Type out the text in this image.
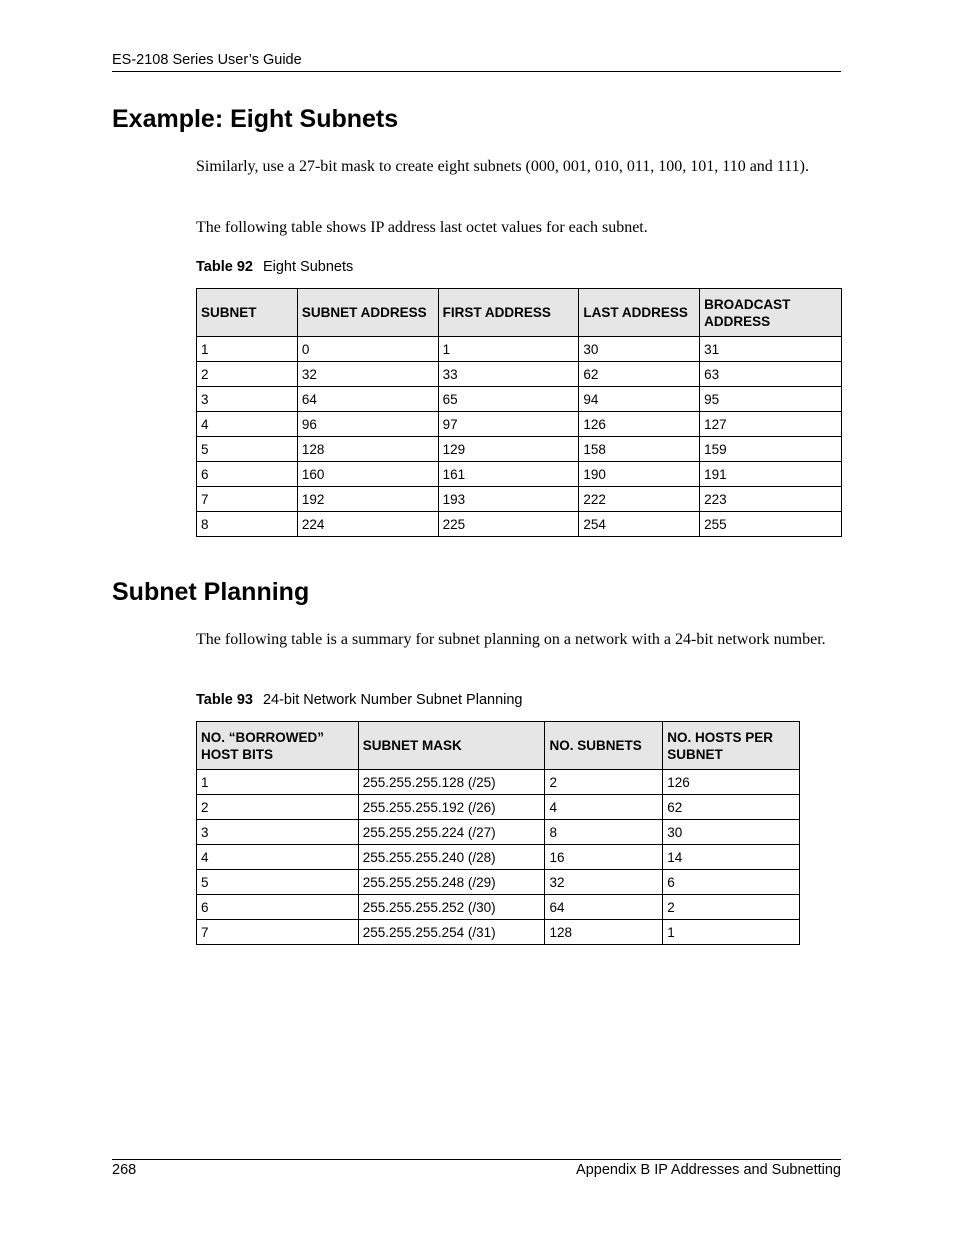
ES-2108 Series User’s Guide
Example: Eight Subnets
Similarly, use a 27-bit mask to create eight subnets (000, 001, 010, 011, 100, 101, 110 and 111).
The following table shows IP address last octet values for each subnet.
Table 92 Eight Subnets
SUBNET	SUBNET ADDRESS	FIRST ADDRESS	LAST ADDRESS	BROADCAST ADDRESS
1	0	1	30	31
2	32	33	62	63
3	64	65	94	95
4	96	97	126	127
5	128	129	158	159
6	160	161	190	191
7	192	193	222	223
8	224	225	254	255
Subnet Planning
The following table is a summary for subnet planning on a network with a 24-bit network number.
Table 93 24-bit Network Number Subnet Planning
NO. “BORROWED” HOST BITS	SUBNET MASK	NO. SUBNETS	NO. HOSTS PER SUBNET
1	255.255.255.128 (/25)	2	126
2	255.255.255.192 (/26)	4	62
3	255.255.255.224 (/27)	8	30
4	255.255.255.240 (/28)	16	14
5	255.255.255.248 (/29)	32	6
6	255.255.255.252 (/30)	64	2
7	255.255.255.254 (/31)	128	1
268	Appendix B IP Addresses and Subnetting
